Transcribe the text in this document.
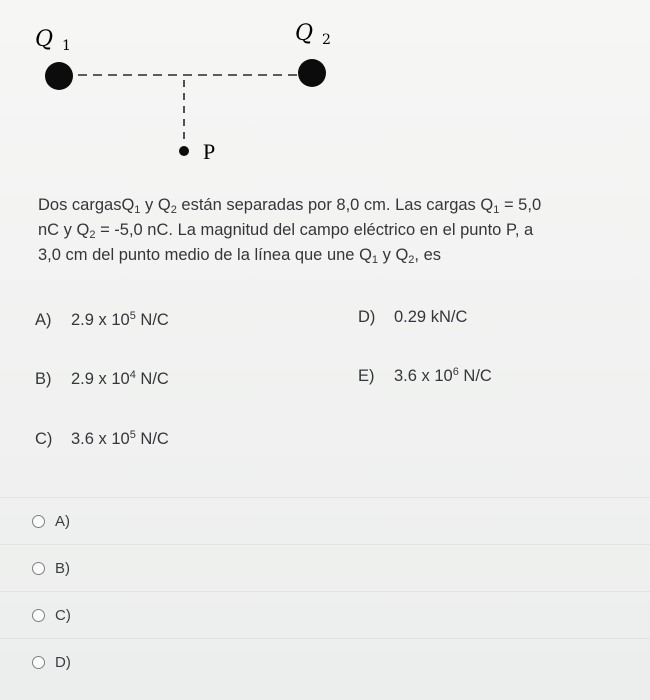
Q 1	Q 2
P

Dos cargasQ$_1$ y $Q_2$ están separadas por 8,0 cm. Las cargas $Q_1 = 5,0$

nC y $Q_2 = -5,0$ nC. La magnitud del campo eléctrico en el punto P, a

3,0 cm del punto medio de la línea que une $Q_1$ y $Q_2$, es

A) 2.9 x $10^5$ N/C
B) 2.9 x $10^4$ N/C
C) 3.6 x $10^5$ N/C
D) 0.29 kN/C
E) 3.6 x $10^6$ N/C
A)
B)
C)
D)
